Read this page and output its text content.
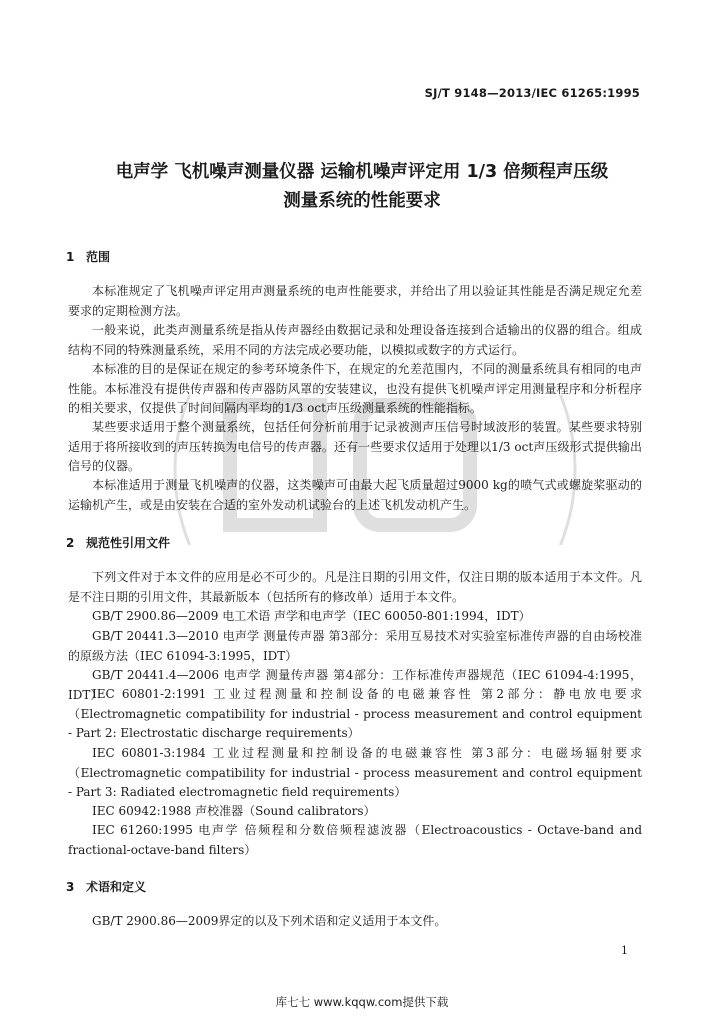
SJ/T 9148—2013/IEC 61265:1995
电声学 飞机噪声测量仪器 运输机噪声评定用 1/3 倍频程声压级
测量系统的性能要求
1 范围

本标准规定了飞机噪声评定用声测量系统的电声性能要求，并给出了用以验证其性能是否满足规定允差要求的定期检测方法。

一般来说，此类声测量系统是指从传声器经由数据记录和处理设备连接到合适输出的仪器的组合。组成结构不同的特殊测量系统，采用不同的方法完成必要功能，以模拟或数字的方式运行。

本标准的目的是保证在规定的参考环境条件下，在规定的允差范围内，不同的测量系统具有相同的电声性能。本标准没有提供传声器和传声器防风罩的安装建议，也没有提供飞机噪声评定用测量程序和分析程序的相关要求，仅提供了时间间隔内平均的1/3 oct声压级测量系统的性能指标。

某些要求适用于整个测量系统，包括任何分析前用于记录被测声压信号时域波形的装置。某些要求特别适用于将所接收到的声压转换为电信号的传声器。还有一些要求仅适用于处理以1/3 oct声压级形式提供输出信号的仪器。

本标准适用于测量飞机噪声的仪器，这类噪声可由最大起飞质量超过9000 kg的喷气式或螺旋桨驱动的运输机产生，或是由安装在合适的室外发动机试验台的上述飞机发动机产生。

2 规范性引用文件

下列文件对于本文件的应用是必不可少的。凡是注日期的引用文件，仅注日期的版本适用于本文件。凡是不注日期的引用文件，其最新版本（包括所有的修改单）适用于本文件。

GB/T 2900.86—2009 电工术语 声学和电声学（IEC 60050-801:1994，IDT）

GB/T 20441.3—2010 电声学 测量传声器 第3部分：采用互易技术对实验室标准传声器的自由场校准的原级方法（IEC 61094-3:1995，IDT）

GB/T 20441.4—2006 电声学 测量传声器 第4部分：工作标准传声器规范（IEC 61094-4:1995，IDT）

IEC 60801-2:1991 工业过程测量和控制设备的电磁兼容性 第2部分：静电放电要求（Electromagnetic compatibility for industrial - process measurement and control equipment - Part 2: Electrostatic discharge requirements）

IEC 60801-3:1984 工业过程测量和控制设备的电磁兼容性 第3部分：电磁场辐射要求（Electromagnetic compatibility for industrial - process measurement and control equipment - Part 3: Radiated electromagnetic field requirements）

IEC 60942:1988 声校准器（Sound calibrators）

IEC 61260:1995 电声学 倍频程和分数倍频程滤波器（Electroacoustics - Octave-band and fractional-octave-band filters）

3 术语和定义

GB/T 2900.86—2009界定的以及下列术语和定义适用于本文件。

1
库七七 www.kqqw.com提供下载
